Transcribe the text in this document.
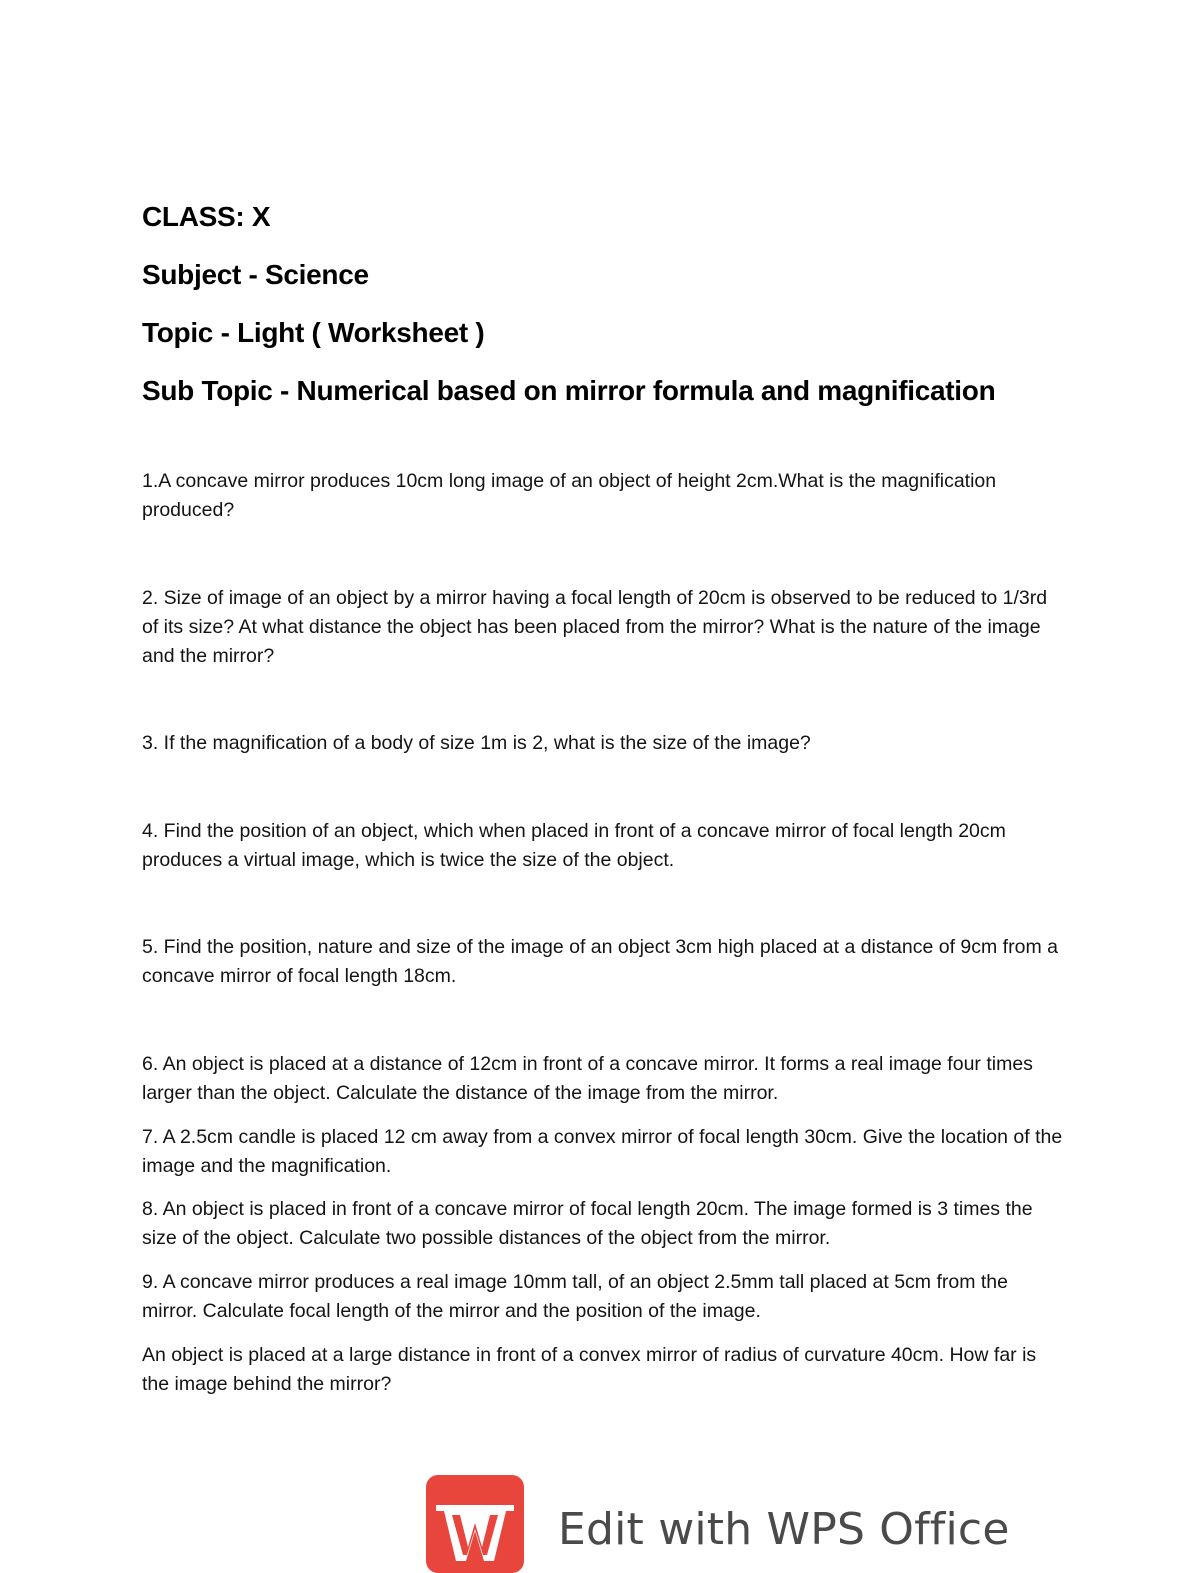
CLASS: X

Subject - Science

Topic - Light ( Worksheet )

Sub Topic - Numerical based on mirror formula and magnification

1.A concave mirror produces 10cm long image of an object of height 2cm.What is the magnification produced?

2. Size of image of an object by a mirror having a focal length of 20cm is observed to be reduced to 1/3rd of its size? At what distance the object has been placed from the mirror? What is the nature of the image and the mirror?

3. If the magnification of a body of size 1m is 2, what is the size of the image?

4. Find the position of an object, which when placed in front of a concave mirror of focal length 20cm produces a virtual image, which is twice the size of the object.

5. Find the position, nature and size of the image of an object 3cm high placed at a distance of 9cm from a concave mirror of focal length 18cm.

6. An object is placed at a distance of 12cm in front of a concave mirror. It forms a real image four times larger than the object. Calculate the distance of the image from the mirror.

7. A 2.5cm candle is placed 12 cm away from a convex mirror of focal length 30cm. Give the location of the image and the magnification.

8. An object is placed in front of a concave mirror of focal length 20cm. The image formed is 3 times the size of the object. Calculate two possible distances of the object from the mirror.

9. A concave mirror produces a real image 10mm tall, of an object 2.5mm tall placed at 5cm from the mirror. Calculate focal length of the mirror and the position of the image.

An object is placed at a large distance in front of a convex mirror of radius of curvature 40cm. How far is the image behind the mirror?

Edit with WPS Office
